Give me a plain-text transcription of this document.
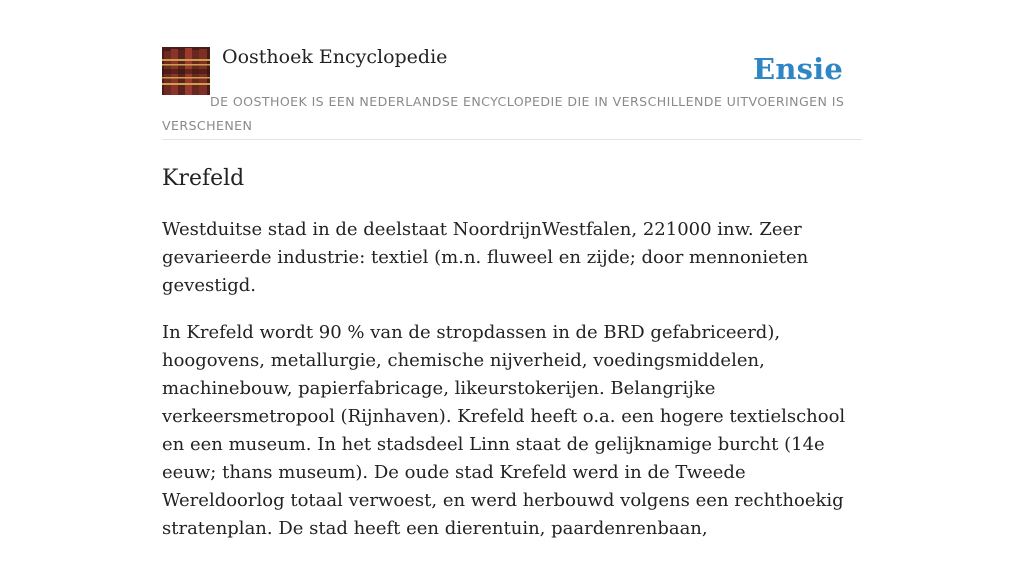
Oosthoek Encyclopedie	Ensie
DE OOSTHOEK IS EEN NEDERLANDSE ENCYCLOPEDIE DIE IN VERSCHILLENDE UITVOERINGEN IS VERSCHENEN
Krefeld

Westduitse stad in de deelstaat NoordrijnWestfalen, 221000 inw. Zeer gevarieerde industrie: textiel (m.n. fluweel en zijde; door mennonieten gevestigd.

In Krefeld wordt 90 % van de stropdassen in de BRD gefabriceerd), hoogovens, metallurgie, chemische nijverheid, voedingsmiddelen, machinebouw, papierfabricage, likeurstokerijen. Belangrijke verkeersmetropool (Rijnhaven). Krefeld heeft o.a. een hogere textielschool en een museum. In het stadsdeel Linn staat de gelijknamige burcht (14e eeuw; thans museum). De oude stad Krefeld werd in de Tweede Wereldoorlog totaal verwoest, en werd herbouwd volgens een rechthoekig stratenplan. De stad heeft een dierentuin, paardenrenbaan,
